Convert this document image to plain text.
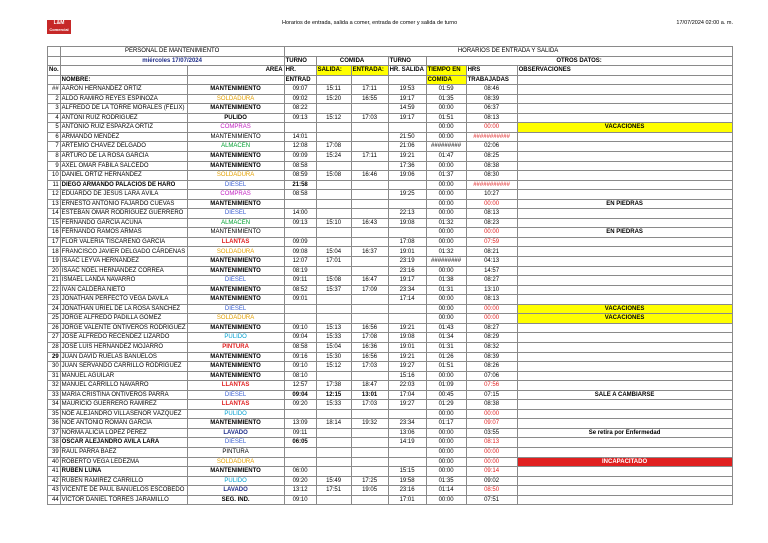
L&M
Comercial
Horarios de entrada, salida a comer, entrada de comer y salida de turno	17/07/2024 02:00 a. m.
	PERSONAL DE MANTENIMIENTO		HORARIOS DE ENTRADA Y SALIDA						
	miércoles 17/07/2024		TURNO	COMIDA		TURNO	OTROS DATOS:		
No.		AREA	HR.	SALIDA:	ENTRADA:	HR. SALIDA	TIEMPO EN	HRS	OBSERVACIONES
	NOMBRE:		ENTRAD				COMIDA	TRABAJADAS	
##	AARÓN HERNANDEZ ORTIZ	MANTENIMIENTO	09:07	15:11	17:11	19:53	01:59	08:46	
2	ALDO RAMIRO REYES ESPINOZA	SOLDADURA	09:02	15:20	16:55	19:17	01:35	08:39	
3	ALFREDO DE LA TORRE MORALES (FÉLIX)	MANTENIMIENTO	08:22			14:59	00:00	06:37	
4	ANTONI RUÍZ RODRIGUEZ	PULIDO	09:13	15:12	17:03	19:17	01:51	08:13	
5	ANTONIO RUÍZ ESPARZA ORTIZ	COMPRAS					00:00	00:00	VACACIONES
6	ARMANDO MÉNDEZ	MANTENIMIENTO	14:01			21:50	00:00	###########	
7	ARTEMIO CHÁVEZ DELGADO	ALMACÉN	12:08	17:08		21:06	#########	02:06	
8	ARTURO DE LA ROSA GARCÍA	MANTENIMIENTO	09:09	15:24	17:11	19:21	01:47	08:25	
9	AXEL OMAR FABILA SALCEDO	MANTENIMIENTO	08:58			17:36	00:00	08:38	
10	DANIEL ORTIZ HERNÁNDEZ	SOLDADURA	08:59	15:08	16:46	19:06	01:37	08:30	
11	DIEGO ARMANDO PALACIOS DE HARO	DIÉSEL	21:58				00:00	###########	
12	EDUARDO DE JESÚS LARA ÁVILA	COMPRAS	08:58			19:25	00:00	10:27	
13	ERNESTO ANTONIO FAJARDO CUEVAS	MANTENIMIENTO					00:00	00:00	EN PIEDRAS
14	ESTEBAN OMAR RODRÍGUEZ GUERRERO	DIÉSEL	14:00			22:13	00:00	08:13	
15	FERNANDO GARCÍA ACUÑA	ALMACÉN	09:13	15:10	16:43	19:08	01:32	08:23	
16	FERNANDO RAMOS ARMAS	MANTENIMIENTO					00:00	00:00	EN PIEDRAS
17	FLOR VALERIA TISCAREÑO GARCÍA	LLANTAS	09:09			17:08	00:00	07:59	
18	FRANCISCO JAVIER DELGADO CÁRDENAS	SOLDADURA	09:08	15:04	16:37	19:01	01:32	08:21	
19	ISAAC LEYVA HERNÁNDEZ	MANTENIMIENTO	12:07	17:01		23:19	#########	04:13	
20	ISAAC NOEL HERNÁNDEZ CORREA	MANTENIMIENTO	08:19			23:16	00:00	14:57	
21	ISMAEL LANDA NAVARRO	DIÉSEL	09:11	15:08	16:47	19:17	01:38	08:27	
22	IVÁN CALDERA NIETO	MANTENIMIENTO	08:52	15:37	17:09	23:34	01:31	13:10	
23	JONATHAN PERFECTO VEGA DAVILA	MANTENIMIENTO	09:01			17:14	00:00	08:13	
24	JONATHAN URIEL DE LA ROSA SÁNCHEZ	DIÉSEL					00:00	00:00	VACACIONES
25	JORGE ALFREDO PADILLA GÓMEZ	SOLDADURA					00:00	00:00	VACACIONES
26	JORGE VALENTE ONTIVEROS RODRÍGUEZ	MANTENIMIENTO	09:10	15:13	16:56	19:21	01:43	08:27	
27	JOSÉ ALFREDO RECENDEZ LIZARDO	PULIDO	09:04	15:33	17:08	19:08	01:34	08:29	
28	JOSÉ LUIS HERNÁNDEZ MOJARRO	PINTURA	08:58	15:04	16:36	19:01	01:31	08:32	
29	JUAN DAVID RUELAS BAÑUELOS	MANTENIMIENTO	09:16	15:30	16:56	19:21	01:26	08:39	
30	JUAN SERVANDO CARRILLO RODRÍGUEZ	MANTENIMIENTO	09:10	15:12	17:03	19:27	01:51	08:26	
31	MANUEL AGUILAR	MANTENIMIENTO	08:10			15:16	00:00	07:06	
32	MANUEL CARRILLO NAVARRO	LLANTAS	12:57	17:38	18:47	22:03	01:09	07:56	
33	MARÍA CRISTINA ONTIVEROS PARRA	DIÉSEL	09:04	12:15	13:01	17:04	00:45	07:15	SALE A CAMBIARSE
34	MAURICIO GUERRERO RAMÍREZ	LLANTAS	09:20	15:33	17:03	19:27	01:29	08:38	
35	NOÉ ALEJANDRO VILLASEÑOR VÁZQUEZ	PULIDO					00:00	00:00	
36	NOÉ ANTONIO ROMÁN GARCÍA	MANTENIMIENTO	13:09	18:14	19:32	23:34	01:17	09:07	
37	NORMA ALICIA LÓPEZ PÉREZ	LAVADO	09:11			13:06	00:00	03:55	Se retira por Enfermedad
38	OSCAR ALEJANDRO AVILA LARA	DIÉSEL	06:05			14:19	00:00	08:13	
39	RAÚL PARRA BÁEZ	PINTURA					00:00	00:00	
40	ROBERTO VEGA LEDEZMA	SOLDADURA					00:00	00:00	INCAPACITADO
41	RUBÉN LUNA	MANTENIMIENTO	06:00			15:15	00:00	09:14	
42	RUBÉN RAMÍREZ CARRILLO	PULIDO	09:20	15:49	17:25	19:58	01:35	09:02	
43	VICENTE DE PAUL BAÑUELOS ESCOBEDO	LAVADO	13:12	17:51	19:05	23:16	01:14	08:50	
44	VÍCTOR DANIEL TORRES JARAMILLO	SEG. IND.	09:10			17:01	00:00	07:51	
